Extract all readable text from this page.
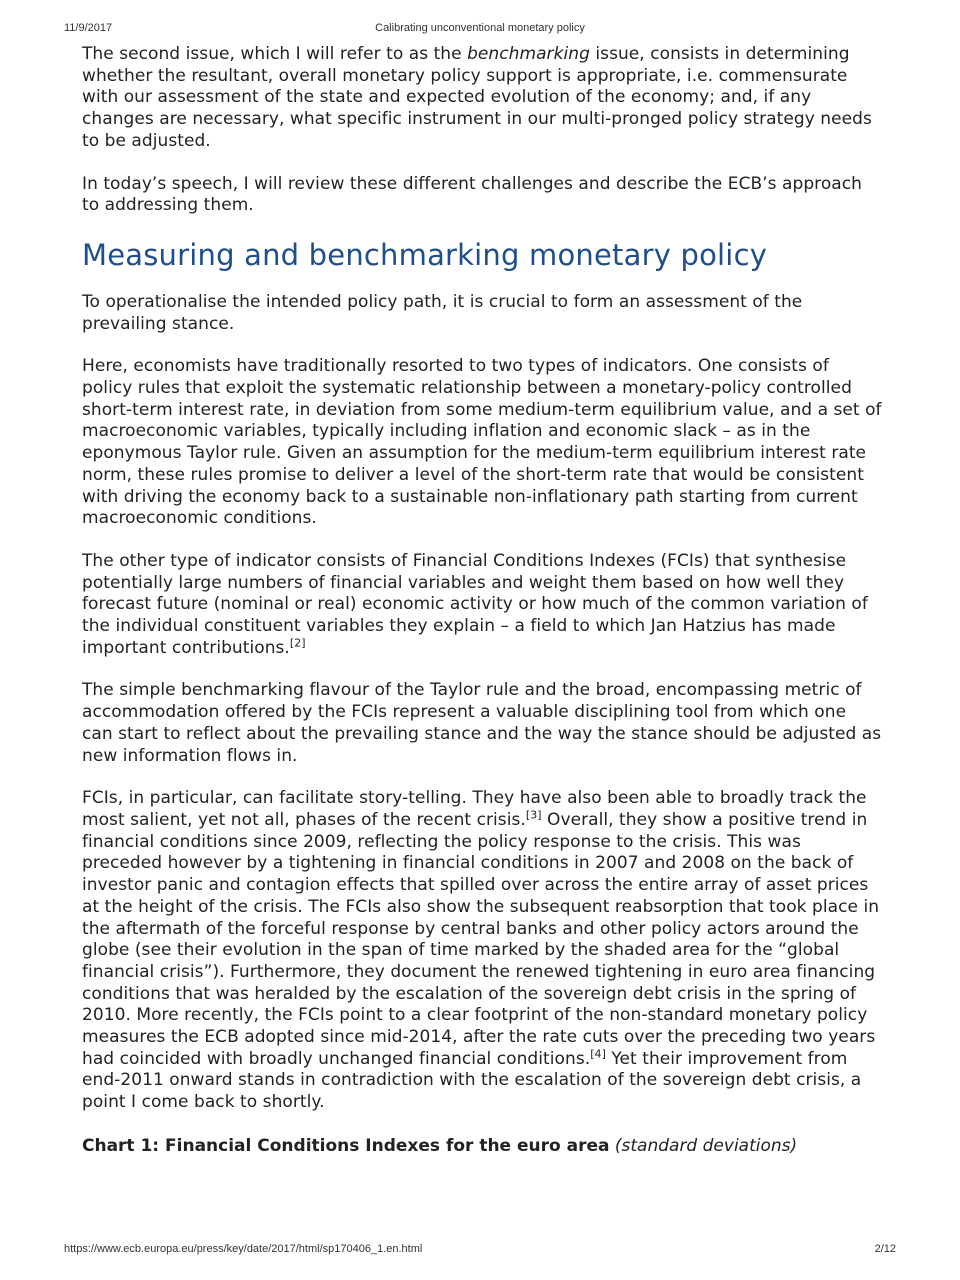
11/9/2017	Calibrating unconventional monetary policy

The second issue, which I will refer to as the benchmarking issue, consists in determining whether the resultant, overall monetary policy support is appropriate, i.e. commensurate with our assessment of the state and expected evolution of the economy; and, if any changes are necessary, what specific instrument in our multi-pronged policy strategy needs to be adjusted.

In today’s speech, I will review these different challenges and describe the ECB’s approach to addressing them.

Measuring and benchmarking monetary policy

To operationalise the intended policy path, it is crucial to form an assessment of the prevailing stance.

Here, economists have traditionally resorted to two types of indicators. One consists of policy rules that exploit the systematic relationship between a monetary-policy controlled short-term interest rate, in deviation from some medium-term equilibrium value, and a set of macroeconomic variables, typically including inflation and economic slack – as in the eponymous Taylor rule. Given an assumption for the medium-term equilibrium interest rate norm, these rules promise to deliver a level of the short-term rate that would be consistent with driving the economy back to a sustainable non-inflationary path starting from current macroeconomic conditions.

The other type of indicator consists of Financial Conditions Indexes (FCIs) that synthesise potentially large numbers of financial variables and weight them based on how well they forecast future (nominal or real) economic activity or how much of the common variation of the individual constituent variables they explain – a field to which Jan Hatzius has made important contributions.[2]

The simple benchmarking flavour of the Taylor rule and the broad, encompassing metric of accommodation offered by the FCIs represent a valuable disciplining tool from which one can start to reflect about the prevailing stance and the way the stance should be adjusted as new information flows in.

FCIs, in particular, can facilitate story-telling. They have also been able to broadly track the most salient, yet not all, phases of the recent crisis.[3] Overall, they show a positive trend in financial conditions since 2009, reflecting the policy response to the crisis. This was preceded however by a tightening in financial conditions in 2007 and 2008 on the back of investor panic and contagion effects that spilled over across the entire array of asset prices at the height of the crisis. The FCIs also show the subsequent reabsorption that took place in the aftermath of the forceful response by central banks and other policy actors around the globe (see their evolution in the span of time marked by the shaded area for the “global financial crisis”). Furthermore, they document the renewed tightening in euro area financing conditions that was heralded by the escalation of the sovereign debt crisis in the spring of 2010. More recently, the FCIs point to a clear footprint of the non-standard monetary policy measures the ECB adopted since mid-2014, after the rate cuts over the preceding two years had coincided with broadly unchanged financial conditions.[4] Yet their improvement from end-2011 onward stands in contradiction with the escalation of the sovereign debt crisis, a point I come back to shortly.

Chart 1: Financial Conditions Indexes for the euro area (standard deviations)
https://www.ecb.europa.eu/press/key/date/2017/html/sp170406_1.en.html	2/12
